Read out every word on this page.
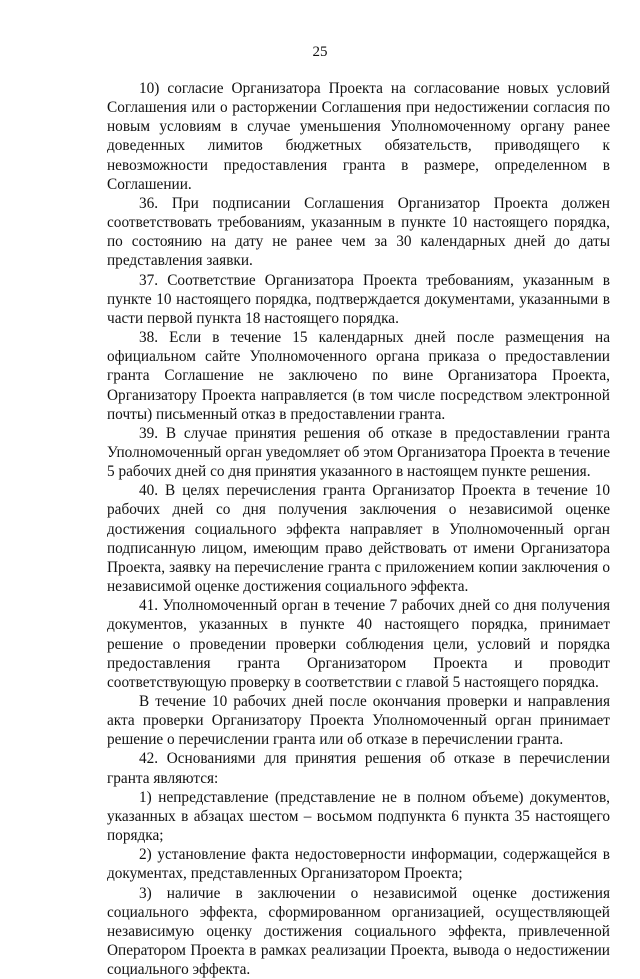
25

10) согласие Организатора Проекта на согласование новых условий Соглашения или о расторжении Соглашения при недостижении согласия по новым условиям в случае уменьшения Уполномоченному органу ранее доведенных лимитов бюджетных обязательств, приводящего к невозможности предоставления гранта в размере, определенном в Соглашении.

36. При подписании Соглашения Организатор Проекта должен соответствовать требованиям, указанным в пункте 10 настоящего порядка, по состоянию на дату не ранее чем за 30 календарных дней до даты представления заявки.

37. Соответствие Организатора Проекта требованиям, указанным в пункте 10 настоящего порядка, подтверждается документами, указанными в части первой пункта 18 настоящего порядка.

38. Если в течение 15 календарных дней после размещения на официальном сайте Уполномоченного органа приказа о предоставлении гранта Соглашение не заключено по вине Организатора Проекта, Организатору Проекта направляется (в том числе посредством электронной почты) письменный отказ в предоставлении гранта.

39. В случае принятия решения об отказе в предоставлении гранта Уполномоченный орган уведомляет об этом Организатора Проекта в течение 5 рабочих дней со дня принятия указанного в настоящем пункте решения.

40. В целях перечисления гранта Организатор Проекта в течение 10 рабочих дней со дня получения заключения о независимой оценке достижения социального эффекта направляет в Уполномоченный орган подписанную лицом, имеющим право действовать от имени Организатора Проекта, заявку на перечисление гранта с приложением копии заключения о независимой оценке достижения социального эффекта.

41. Уполномоченный орган в течение 7 рабочих дней со дня получения документов, указанных в пункте 40 настоящего порядка, принимает решение о проведении проверки соблюдения цели, условий и порядка предоставления гранта Организатором Проекта и проводит соответствующую проверку в соответствии с главой 5 настоящего порядка.

В течение 10 рабочих дней после окончания проверки и направления акта проверки Организатору Проекта Уполномоченный орган принимает решение о перечислении гранта или об отказе в перечислении гранта.

42. Основаниями для принятия решения об отказе в перечислении гранта являются:

1) непредставление (представление не в полном объеме) документов, указанных в абзацах шестом – восьмом подпункта 6 пункта 35 настоящего порядка;

2) установление факта недостоверности информации, содержащейся в документах, представленных Организатором Проекта;

3) наличие в заключении о независимой оценке достижения социального эффекта, сформированном организацией, осуществляющей независимую оценку достижения социального эффекта, привлеченной Оператором Проекта в рамках реализации Проекта, вывода о недостижении социального эффекта.
